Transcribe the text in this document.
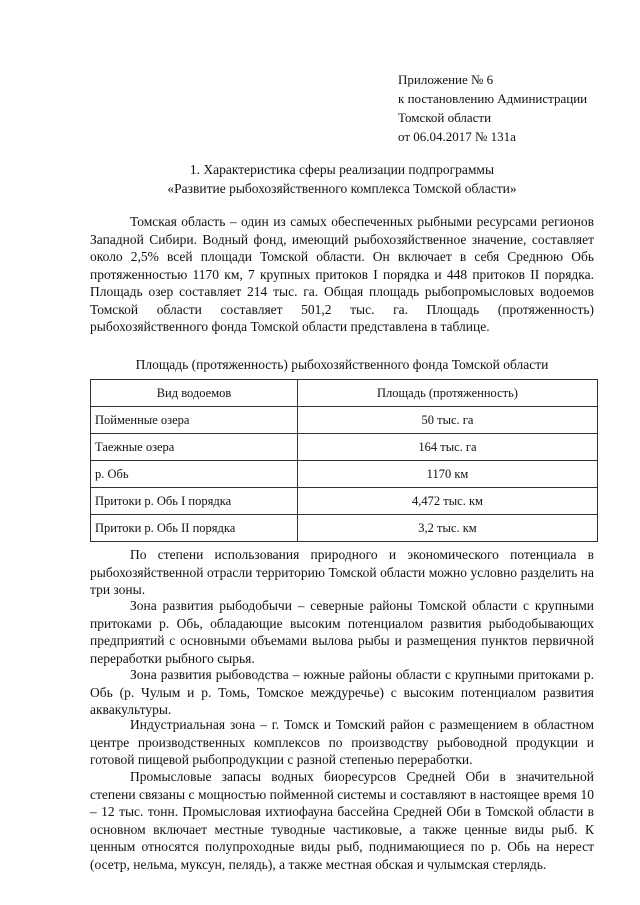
Приложение № 6
к постановлению Администрации
Томской области
от 06.04.2017 № 131а
1. Характеристика сферы реализации подпрограммы
«Развитие рыбохозяйственного комплекса Томской области»

Томская область – один из самых обеспеченных рыбными ресурсами регионов Западной Сибири. Водный фонд, имеющий рыбохозяйственное значение, составляет около 2,5% всей площади Томской области. Он включает в себя Среднюю Обь протяженностью 1170 км, 7 крупных притоков I порядка и 448 притоков II порядка. Площадь озер составляет 214 тыс. га. Общая площадь рыбопромысловых водоемов Томской области составляет 501,2 тыс. га. Площадь (протяженность) рыбохозяйственного фонда Томской области представлена в таблице.

Площадь (протяженность) рыбохозяйственного фонда Томской области
Вид водоемов	Площадь (протяженность)
Пойменные озера	50 тыс. га
Таежные озера	164 тыс. га
р. Обь	1170 км
Притоки р. Обь I порядка	4,472 тыс. км
Притоки р. Обь II порядка	3,2 тыс. км

По степени использования природного и экономического потенциала в рыбохозяйственной отрасли территорию Томской области можно условно разделить на три зоны.

Зона развития рыбодобычи – северные районы Томской области с крупными притоками р. Обь, обладающие высоким потенциалом развития рыбодобывающих предприятий с основными объемами вылова рыбы и размещения пунктов первичной переработки рыбного сырья.

Зона развития рыбоводства – южные районы области с крупными притоками р. Обь (р. Чулым и р. Томь, Томское междуречье) с высоким потенциалом развития аквакультуры.

Индустриальная зона – г. Томск и Томский район с размещением в областном центре производственных комплексов по производству рыбоводной продукции и готовой пищевой рыбопродукции с разной степенью переработки.

Промысловые запасы водных биоресурсов Средней Оби в значительной степени связаны с мощностью пойменной системы и составляют в настоящее время 10 – 12 тыс. тонн. Промысловая ихтиофауна бассейна Средней Оби в Томской области в основном включает местные туводные частиковые, а также ценные виды рыб. К ценным относятся полупроходные виды рыб, поднимающиеся по р. Обь на нерест (осетр, нельма, муксун, пелядь), а также местная обская и чулымская стерлядь.
